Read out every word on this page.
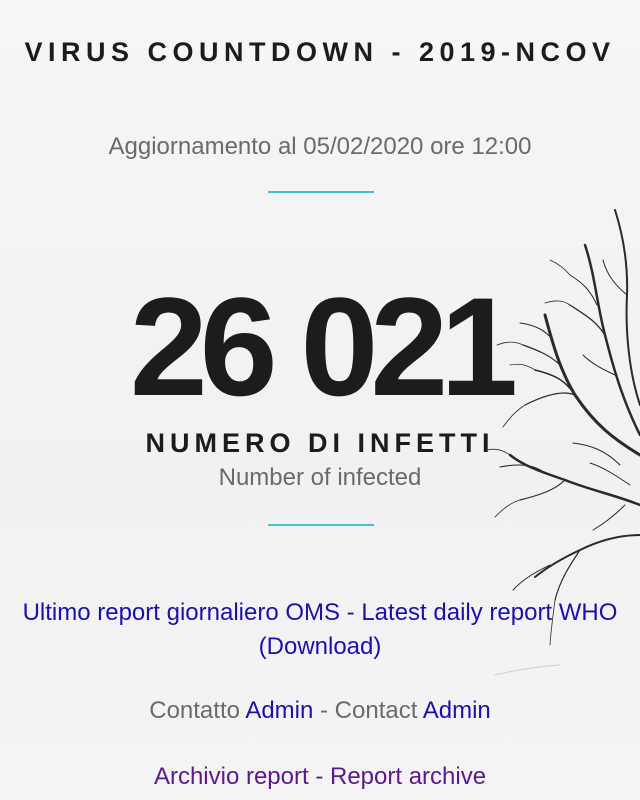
VIRUS COUNTDOWN - 2019-NCOV
Aggiornamento al 05/02/2020 ore 12:00
26 021
NUMERO DI INFETTI
Number of infected
Ultimo report giornaliero OMS - Latest daily report WHO (Download)
Contatto Admin - Contact Admin
Archivio report - Report archive
